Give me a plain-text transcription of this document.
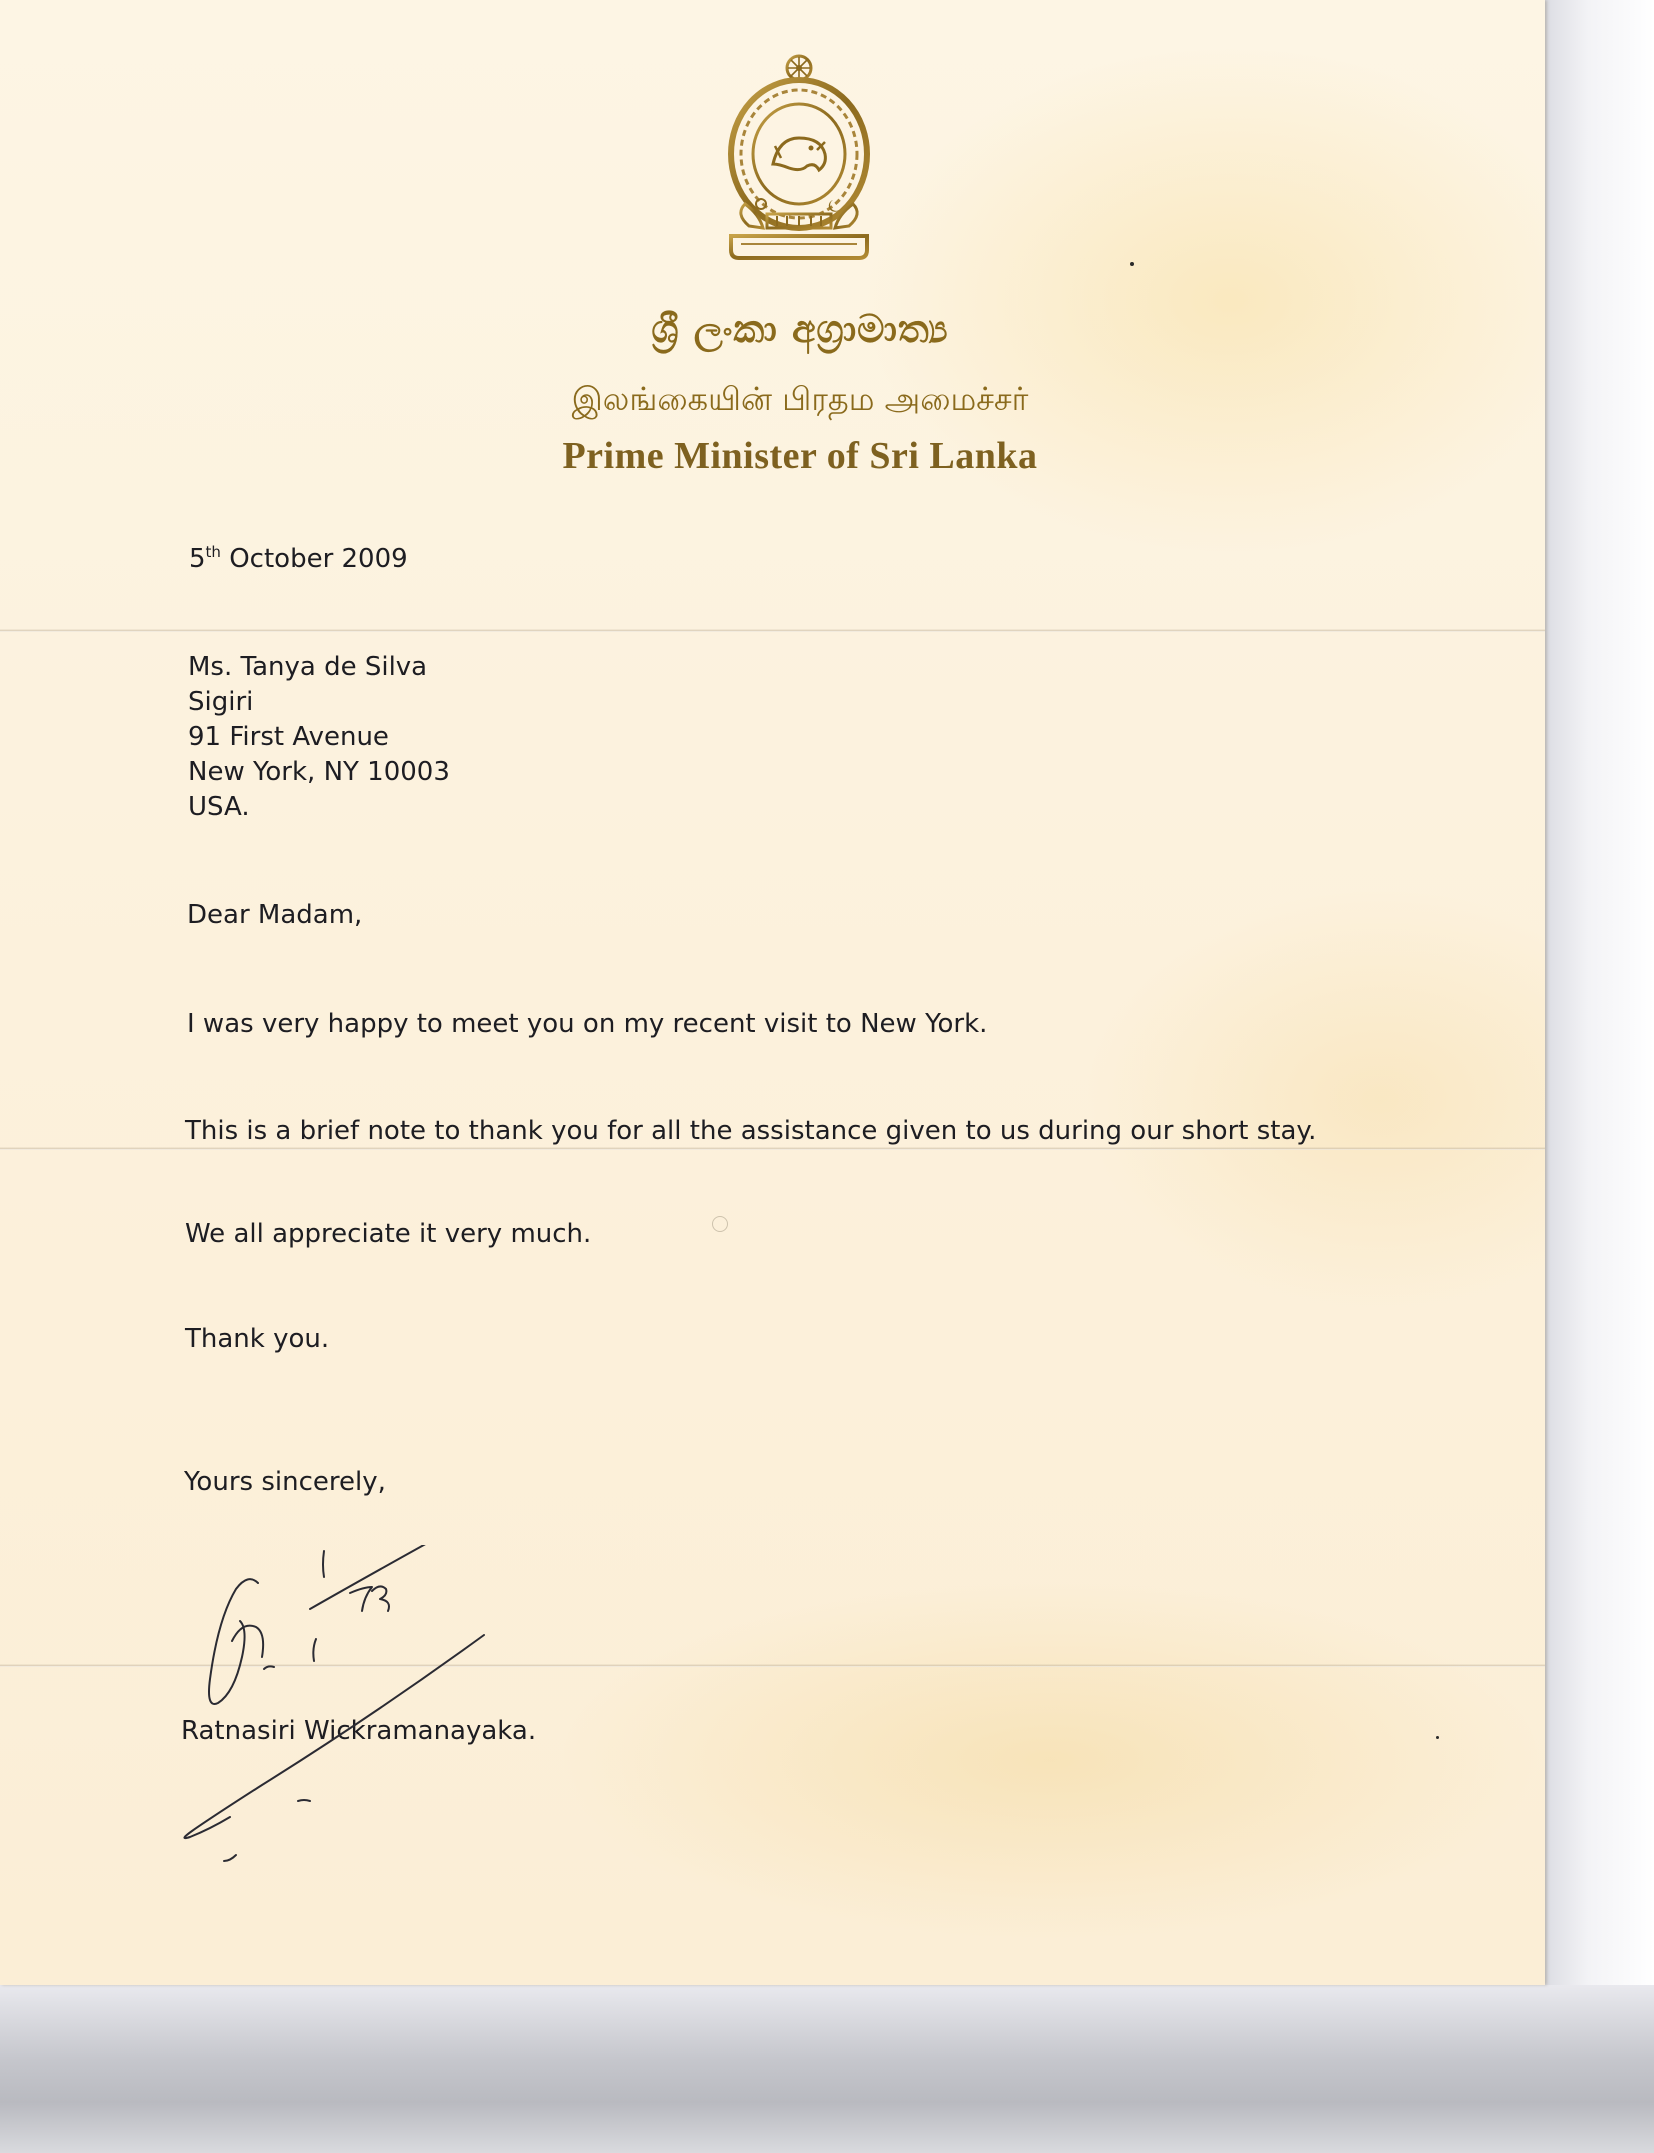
ශ්‍රී ලංකා අග්‍රාමාත්‍ය
இலங்கையின் பிரதம அமைச்சர்
Prime Minister of Sri Lanka
5th October 2009
Ms. Tanya de Silva
Sigiri
91 First Avenue
New York, NY 10003
USA.
Dear Madam,
I was very happy to meet you on my recent visit to New York.
This is a brief note to thank you for all the assistance given to us during our short stay.
We all appreciate it very much.
Thank you.
Yours sincerely,
Ratnasiri Wickramanayaka.
